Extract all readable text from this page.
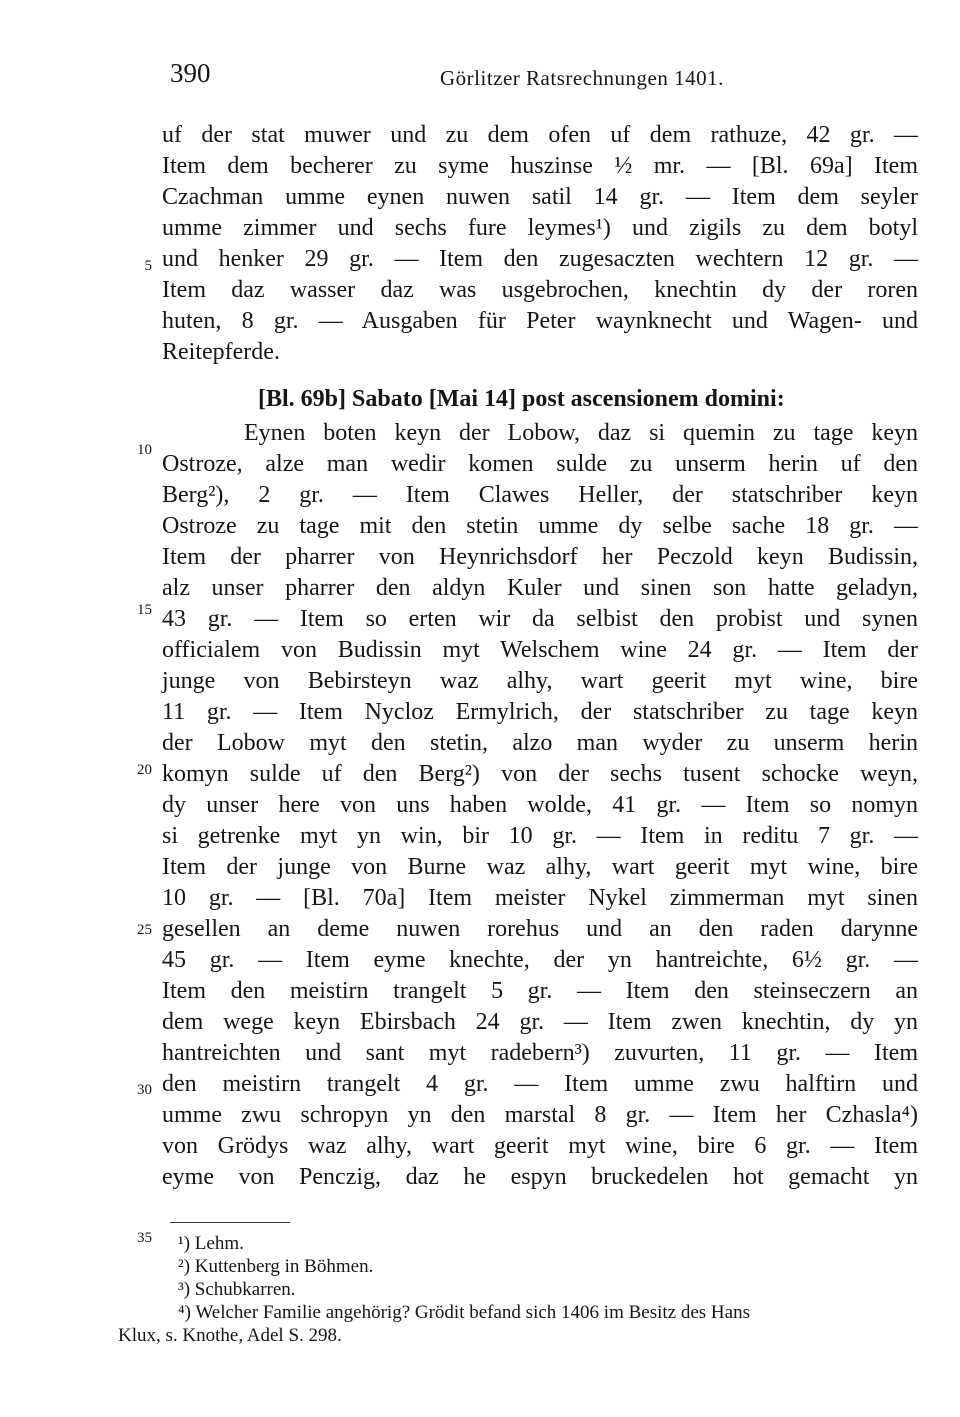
390	Görlitzer Ratsrechnungen 1401.
uf der stat muwer und zu dem ofen uf dem rathuze, 42 gr. —
Item dem becherer zu syme huszinse ½ mr. — [Bl. 69a] Item
Czachman umme eynen nuwen satil 14 gr. — Item dem seyler
umme zimmer und sechs fure leymes¹) und zigils zu dem botyl
und henker 29 gr. — Item den zugesacztеn wechtern 12 gr. —
Item daz wasser daz was usgebrochen, knechtin dy der roren
huten, 8 gr. — Ausgaben für Peter waynknecht und Wagen- und
Reitepferde.
[Bl. 69b] Sabato [Mai 14] post ascensionem domini:
Eynen boten keyn der Lobow, daz si quemin zu tage keyn
Ostroze, alze man wedir komen sulde zu unserm herin uf den
Berg²), 2 gr. — Item Clawes Heller, der statschriber keyn
Ostroze zu tage mit den stetin umme dy selbe sache 18 gr. —
Item der pharrer von Heynrichsdorf her Peczold keyn Budissin,
alz unser pharrer den aldyn Kuler und sinen son hatte geladyn,
43 gr. — Item so erten wir da selbist den probist und synen
officialem von Budissin myt Welschem wine 24 gr. — Item der
junge von Bebirsteyn waz alhy, wart geerit myt wine, bire
11 gr. — Item Nycloz Ermylrich, der statschriber zu tage keyn
der Lobow myt den stetin, alzo man wyder zu unserm herin
komyn sulde uf den Berg²) von der sechs tusent schocke weyn,
dy unser here von uns haben wolde, 41 gr. — Item so nomyn
si getrenke myt yn win, bir 10 gr. — Item in reditu 7 gr. —
Item der junge von Burne waz alhy, wart geerit myt wine, bire
10 gr. — [Bl. 70a] Item meister Nykel zimmerman myt sinen
gesellen an deme nuwen rorehus und an den raden darynne
45 gr. — Item eyme knechte, der yn hantreichte, 6½ gr. —
Item den meistirn trangelt 5 gr. — Item den steinseczern an
dem wege keyn Ebirsbach 24 gr. — Item zwen knechtin, dy yn
hantreichten und sant myt radebern³) zuvurten, 11 gr. — Item
den meistirn trangelt 4 gr. — Item umme zwu halftirn und
umme zwu schropyn yn den marstal 8 gr. — Item her Czhasla⁴)
von Grödys waz alhy, wart geerit myt wine, bire 6 gr. — Item
eyme von Penczig, daz he espyn bruckedelen hot gemacht yn
5
10
15
20
25
30
35 ¹) Lehm.
²) Kuttenberg in Böhmen.
³) Schubkarren.
⁴) Welcher Familie angehörig? Grödit befand sich 1406 im Besitz des Hans
Klux, s. Knothe, Adel S. 298.
